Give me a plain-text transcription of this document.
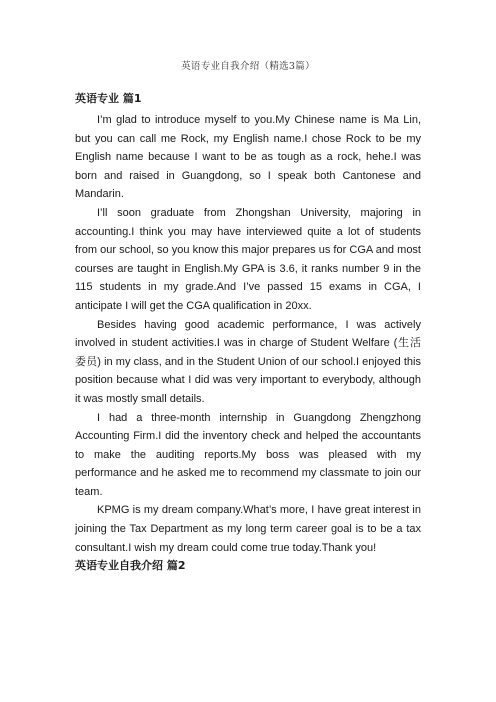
英语专业自我介绍（精选3篇）
英语专业 篇1

I’m glad to introduce myself to you.My Chinese name is Ma Lin, but you can call me Rock, my English name.I chose Rock to be my English name because I want to be as tough as a rock, hehe.I was born and raised in Guangdong, so I speak both Cantonese and Mandarin.

I’ll soon graduate from Zhongshan University, majoring in accounting.I think you may have interviewed quite a lot of students from our school, so you know this major prepares us for CGA and most courses are taught in English.My GPA is 3.6, it ranks number 9 in the 115 students in my grade.And I’ve passed 15 exams in CGA, I anticipate I will get the CGA qualification in 20xx.

Besides having good academic performance, I was actively involved in student activities.I was in charge of Student Welfare (生活委员) in my class, and in the Student Union of our school.I enjoyed this position because what I did was very important to everybody, although it was mostly small details.

I had a three-month internship in Guangdong Zhengzhong Accounting Firm.I did the inventory check and helped the accountants to make the auditing reports.My boss was pleased with my performance and he asked me to recommend my classmate to join our team.

KPMG is my dream company.What’s more, I have great interest in joining the Tax Department as my long term career goal is to be a tax consultant.I wish my dream could come true today.Thank you!

英语专业自我介绍 篇2
